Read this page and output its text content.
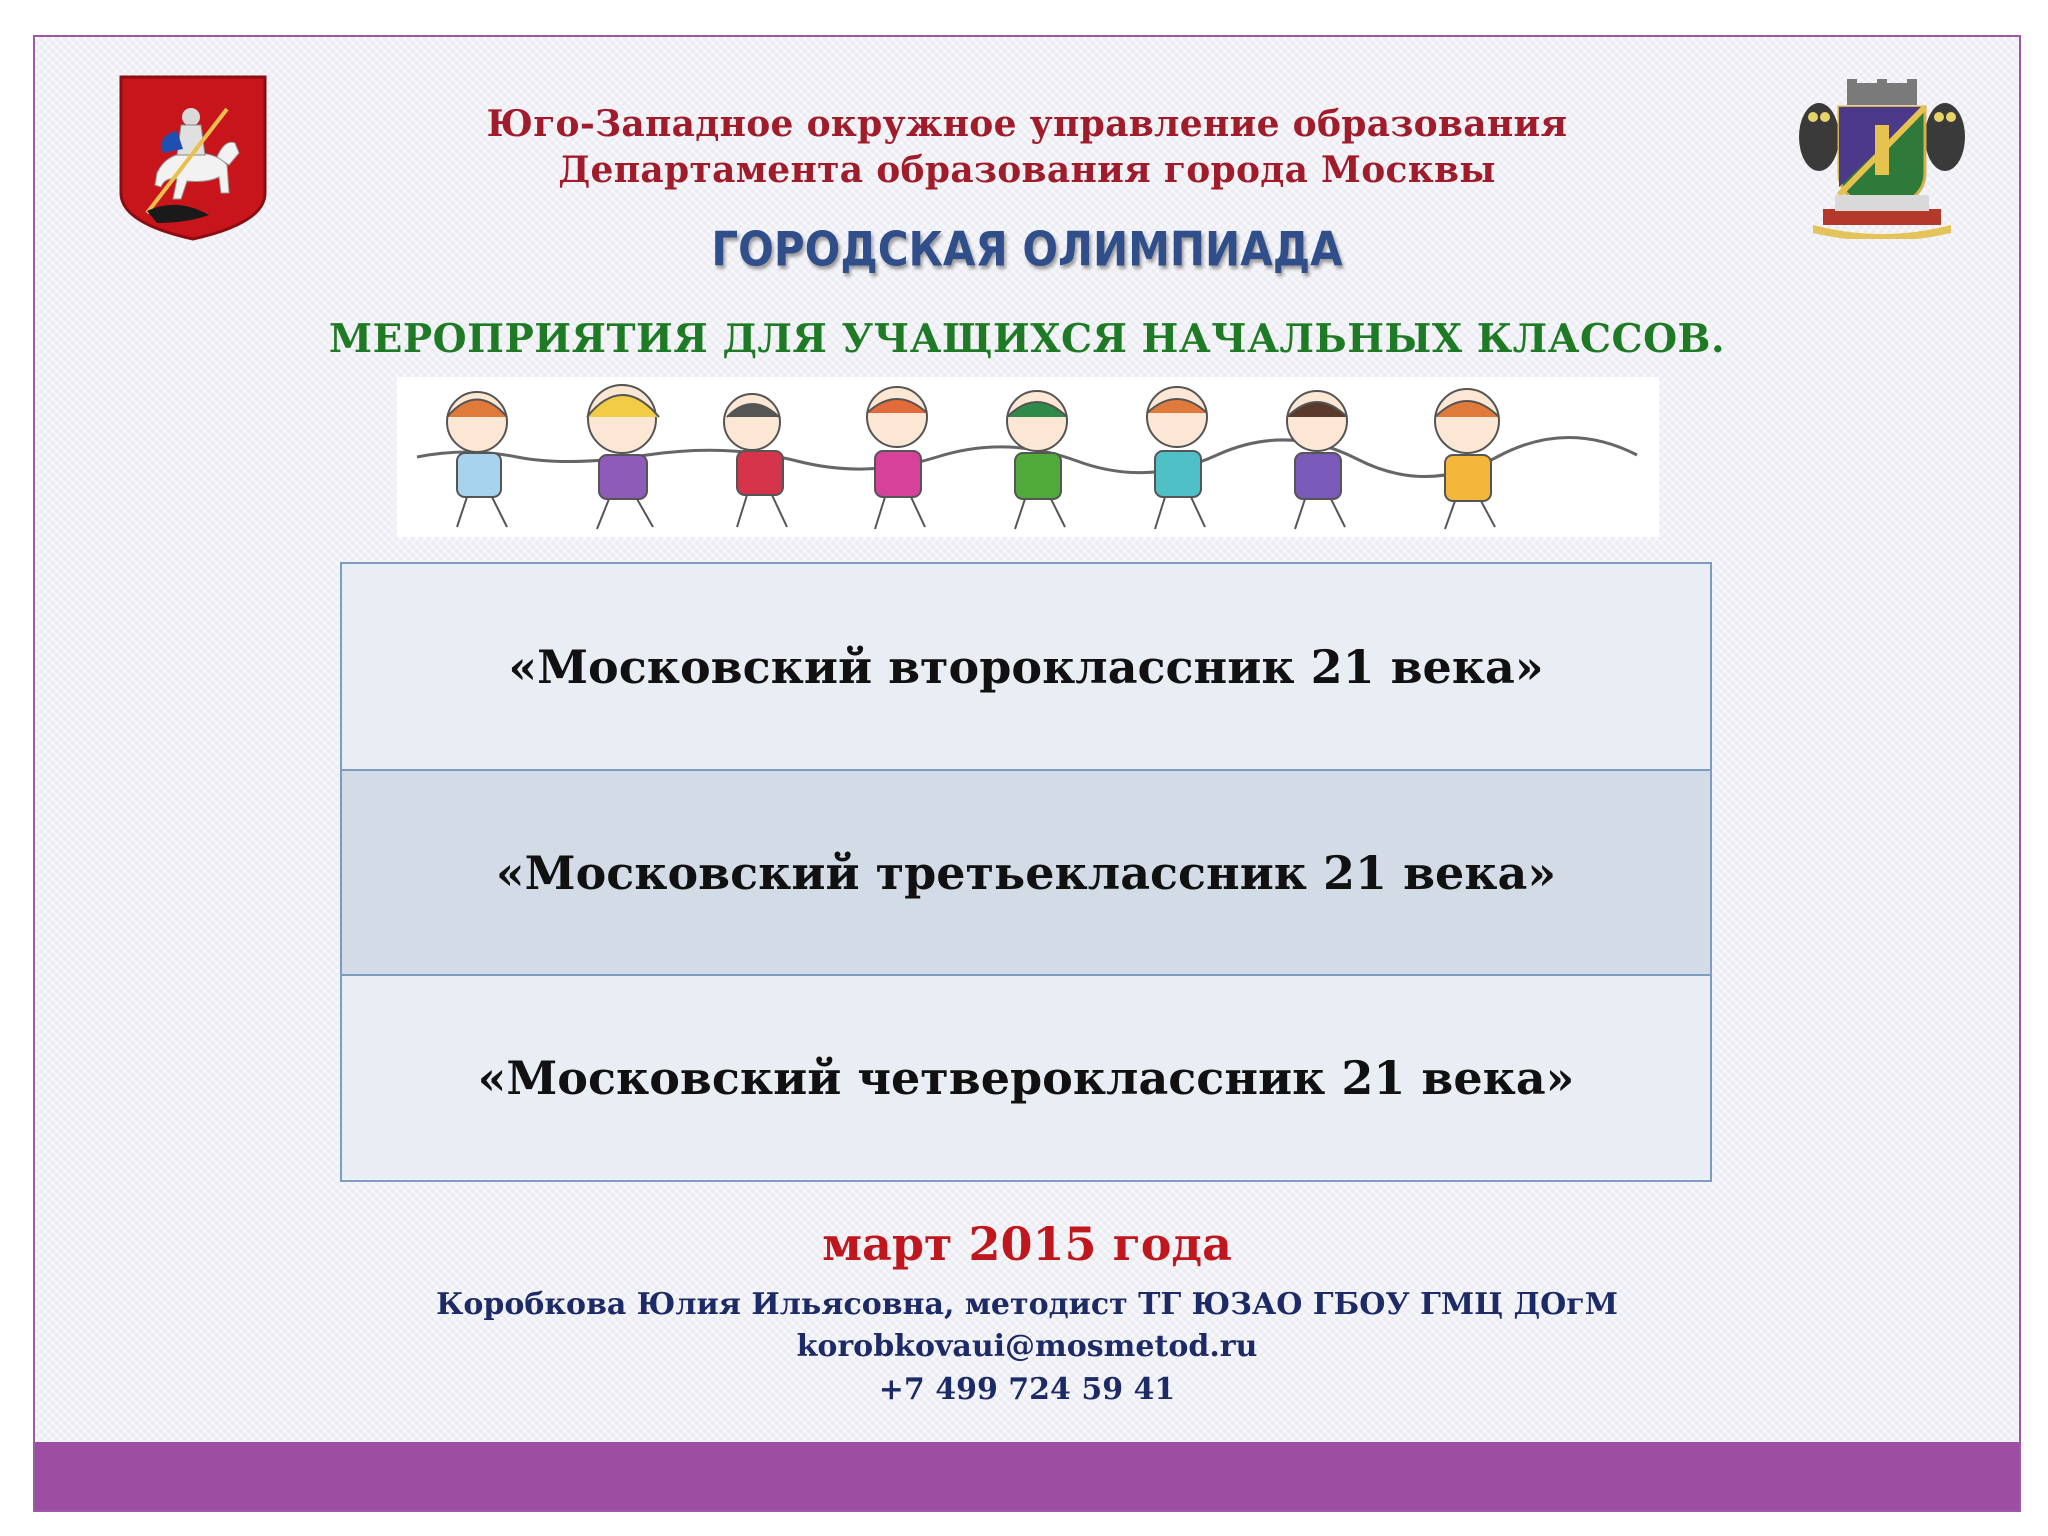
Юго-Западное окружное управление образования
Департамента образования города Москвы
ГОРОДСКАЯ ОЛИМПИАДА
МЕРОПРИЯТИЯ ДЛЯ УЧАЩИХСЯ НАЧАЛЬНЫХ КЛАССОВ.
«Московский второклассник 21 века»
«Московский третьеклассник 21 века»
«Московский четвероклассник 21 века»
март 2015 года
Коробкова Юлия Ильясовна, методист ТГ ЮЗАО ГБОУ ГМЦ ДОгМ
korobkovaui@mosmetod.ru
+7 499 724 59 41
